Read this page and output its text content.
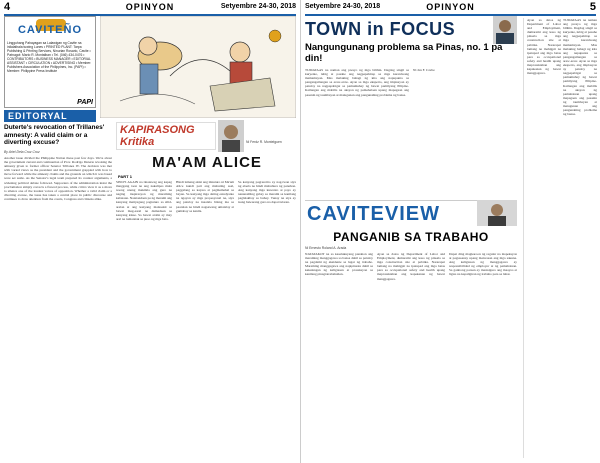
4	OPINYON	Setyembre 24-30, 2018
CAVITEÑO
Lingguhang Pahayagan sa Lalawigan ng Cavite na inilalathala tuwing Lunes • PRINTED PLANT: Tarpa Publishing & Printing Services, Ninurian Rosario, Cavite • Patnugot: Mario R. Montalban • Tel. (046) 434-0476 • CONTRIBUTORS • BUSINESS MANAGER • EDITORIAL ASSISTANT • CIRCULATION • ADVERTISING • Member: Publishers Association of the Philippines, Inc. (PAPI) • Member: Philippine Press Institute
PAPI
EDITORYAL
Duterte's revocation of Trillanes' amnesty: A valid claim or a diverting excuse?
By Ariel Dela Cruz Cruz
Another issue divided the Philippine Nation these past few days. We're about the government current and continuation of Prov. Rodrigo Duterte revoking the amnesty given to former officer Senator Trillanes IV. The decision was met with varied views as the president and the government grappled with how to move forward while the amnesty claims and the grounds on which it was based were set aside. As the Senator's legal team prepared its counter arguments, a widening political debate followed. Supporters of the administration insist the proclamation simply corrects a flawed process, while critics view it as a move to silence one of the loudest voices of opposition. Whether a valid claim or a diverting excuse, the issue has taken a central place in public discourse and continues to draw attention from the courts, Congress and citizens alike.
KAPIRASONG Kritika	Ni Ferdz R. Montelguen
MA'AM ALICE
PART 1
SINO'S AGAIN na tinatawag ang kapag ilanggang taon na ang nakalipas mula noong unang makilala ang guro na naging inspirasyon ng maraming kabataan. Natatandaan pa ng marami ang kanyang matiyagang pagtuturo sa silid-aralan at ang kanyang malasakit sa bawat mag-aaral na dumadaan sa kanyang klase. Sa bawat aralin ay may aral na tumatatak sa puso ng mga bata.
Hindi lamang aklat ang itinuturo ni Ma'am Alice kundi pati ang mabuting asal, paggalang sa kapwa at pagmamahal sa bayan. Sa kanyang mga dating estudyante na ngayon ay mga propesyonal na, siya ang patuloy na inaalala bilang ina sa paaralan na hindi nagsawang umalalay at gumabay sa kanila.
Sa kanyang pagreretiro ay nag-iwan siya ng alaala na hindi mabubura ng panahon. Ang kanyang mga kuwento at payo ay nananatiling gabay sa marami sa kanilang paglalakbay sa buhay. Tunay na siya ay isang huwarang guro na dapat tularan.
Setyembre 24-30, 2018	OPINYON	5
TOWN in FOCUS
Nangungunang problema sa Pinas, no. 1 pa din!
TUMATAAS na naman ang presyo ng mga bilihin. Dagdag singil sa kuryente, tubig at pasahe ang nagpapahirap sa mga karaniwang mamamayan. Mas malaking bahagi ng kita ang napupunta sa pangangailangan sa araw-araw. Ayon sa mga eksperto, ang implasyon ay patuloy na nagpapabigat sa pamumuhay ng bawat pamilyang Pilipino. Kailangan ang mabilis na aksyon ng pamahalaan upang mapagaan ang pasanin ng taumbayan at matugunan ang pangunahing problema ng bansa.
Ni Jan F. Cavite
CAVITEVIEW
PANGANIB SA TRABAHO
Ni Ernesto Roland A. Arada
NATATAKOT na sa kasalukuyang panahon ang maraming manggagawa sa bansa dahil sa patuloy na pagdami ng aksidente sa lugar ng trabaho. Maraming manggagawa ang napipinsala dahil sa kakulangan ng kaligtasan at proteksyon sa kanilang pinagtatrabahuhan.
Ayon sa datos ng Department of Labor and Employment, dumarami ang kaso ng pinsala sa mga construction site at pabrika. Nararapat lamang na mahigpit na ipatupad ang mga batas para sa occupational safety and health upang maprotektahan ang kapakanan ng bawat manggagawa.
Dapat ding magkaroon ng regular na inspeksyon at pagsasanay upang maiwasan ang mga sakuna. Ang kaligtasan ng manggagawa ay responsibilidad ng employer at ng pamahalaan. Sa ganitong paraan ay masisiguro ang maayos at ligtas na kapaligiran ng trabaho para sa lahat.
Ayon sa datos ng Department of Labor and Employment, dumarami ang kaso ng pinsala sa mga construction site at pabrika. Nararapat lamang na mahigpit na ipatupad ang mga batas para sa occupational safety and health upang maprotektahan ang kapakanan ng bawat manggagawa.
TUMATAAS na naman ang presyo ng mga bilihin. Dagdag singil sa kuryente, tubig at pasahe ang nagpapahirap sa mga karaniwang mamamayan. Mas malaking bahagi ng kita ang napupunta sa pangangailangan sa araw-araw. Ayon sa mga eksperto, ang implasyon ay patuloy na nagpapabigat sa pamumuhay ng bawat pamilyang Pilipino. Kailangan ang mabilis na aksyon ng pamahalaan upang mapagaan ang pasanin ng taumbayan at matugunan ang pangunahing problema ng bansa.
